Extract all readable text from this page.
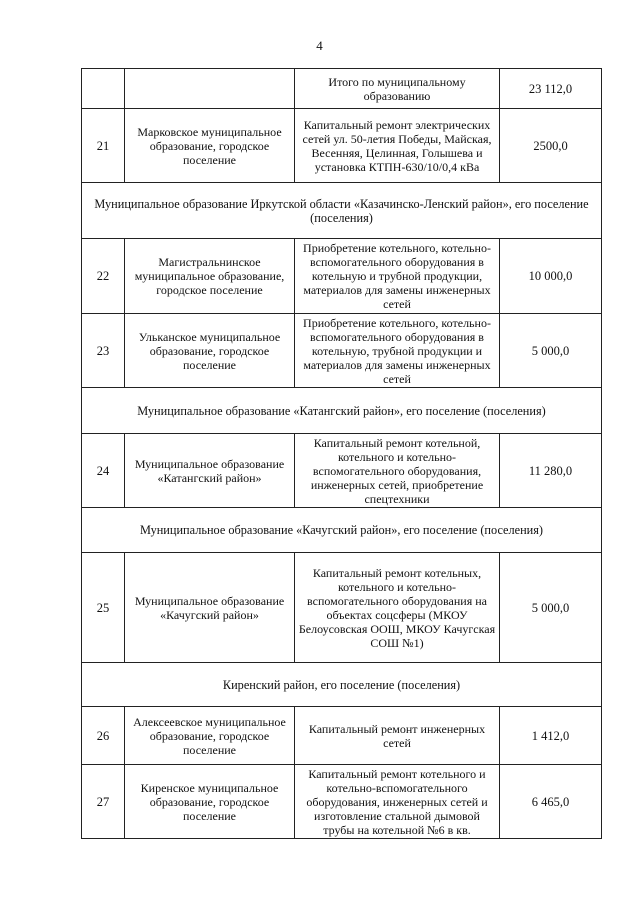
4
		Итого по муниципальному образованию	23 112,0
21	Марковское муниципальное образование, городское поселение	Капитальный ремонт электрических сетей ул. 50-летия Победы, Майская, Весенняя, Целинная, Голышева и установка КТПН-630/10/0,4 кВа	2500,0
Муниципальное образование Иркутской области «Казачинско-Ленский район», его поселение (поселения)			
22	Магистральнинское муниципальное образование, городское поселение	Приобретение котельного, котельно-вспомогательного оборудования в котельную и трубной продукции, материалов для замены инженерных сетей	10 000,0
23	Ульканское муниципальное образование, городское поселение	Приобретение котельного, котельно-вспомогательного оборудования в котельную, трубной продукции и материалов для замены инженерных сетей	5 000,0
Муниципальное образование «Катангский район», его поселение (поселения)			
24	Муниципальное образование «Катангский район»	Капитальный ремонт котельной, котельного и котельно-вспомогательного оборудования, инженерных сетей, приобретение спецтехники	11 280,0
Муниципальное образование «Качугский район», его поселение (поселения)			
25	Муниципальное образование «Качугский район»	Капитальный ремонт котельных, котельного и котельно-вспомогательного оборудования на объектах соцсферы (МКОУ Белоусовская ООШ, МКОУ Качугская СОШ №1)	5 000,0
Киренский район, его поселение (поселения)			
26	Алексеевское муниципальное образование, городское поселение	Капитальный ремонт инженерных сетей	1 412,0
27	Киренское муниципальное образование, городское поселение	Капитальный ремонт котельного и котельно-вспомогательного оборудования, инженерных сетей и изготовление стальной дымовой трубы на котельной №6 в кв.	6 465,0
